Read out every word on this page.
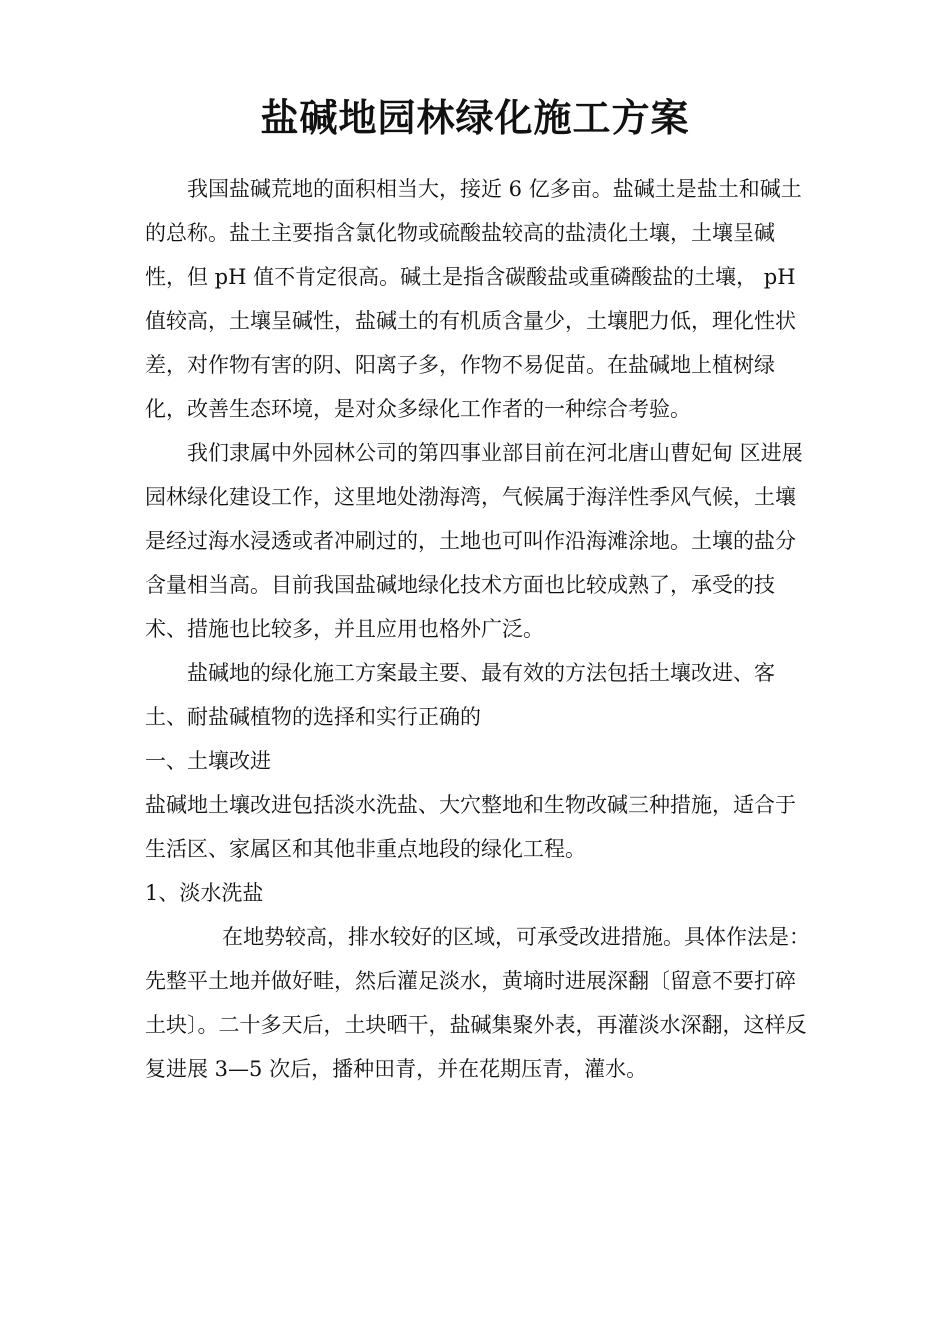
盐碱地园林绿化施工方案

我国盐碱荒地的面积相当大，接近 6 亿多亩。盐碱土是盐土和碱土的总称。盐土主要指含氯化物或硫酸盐较高的盐渍化土壤，土壤呈碱性，但 pH 值不肯定很高。碱土是指含碳酸盐或重磷酸盐的土壤， pH 值较高，土壤呈碱性，盐碱土的有机质含量少，土壤肥力低，理化性状差，对作物有害的阴、阳离子多，作物不易促苗。在盐碱地上植树绿化，改善生态环境，是对众多绿化工作者的一种综合考验。

我们隶属中外园林公司的第四事业部目前在河北唐山曹妃甸 区进展园林绿化建设工作，这里地处渤海湾，气候属于海洋性季风气候，土壤是经过海水浸透或者冲刷过的，土地也可叫作沿海滩涂地。土壤的盐分含量相当高。目前我国盐碱地绿化技术方面也比较成熟了，承受的技术、措施也比较多，并且应用也格外广泛。

盐碱地的绿化施工方案最主要、最有效的方法包括土壤改进、客土、耐盐碱植物的选择和实行正确的

一、土壤改进

盐碱地土壤改进包括淡水洗盐、大穴整地和生物改碱三种措施，适合于生活区、家属区和其他非重点地段的绿化工程。

1、淡水洗盐

在地势较高，排水较好的区域，可承受改进措施。具体作法是：先整平土地并做好畦，然后灌足淡水，黄墒时进展深翻〔留意不要打碎土块〕。二十多天后，土块晒干，盐碱集聚外表，再灌淡水深翻，这样反复进展 3—5 次后，播种田青，并在花期压青，灌水。
